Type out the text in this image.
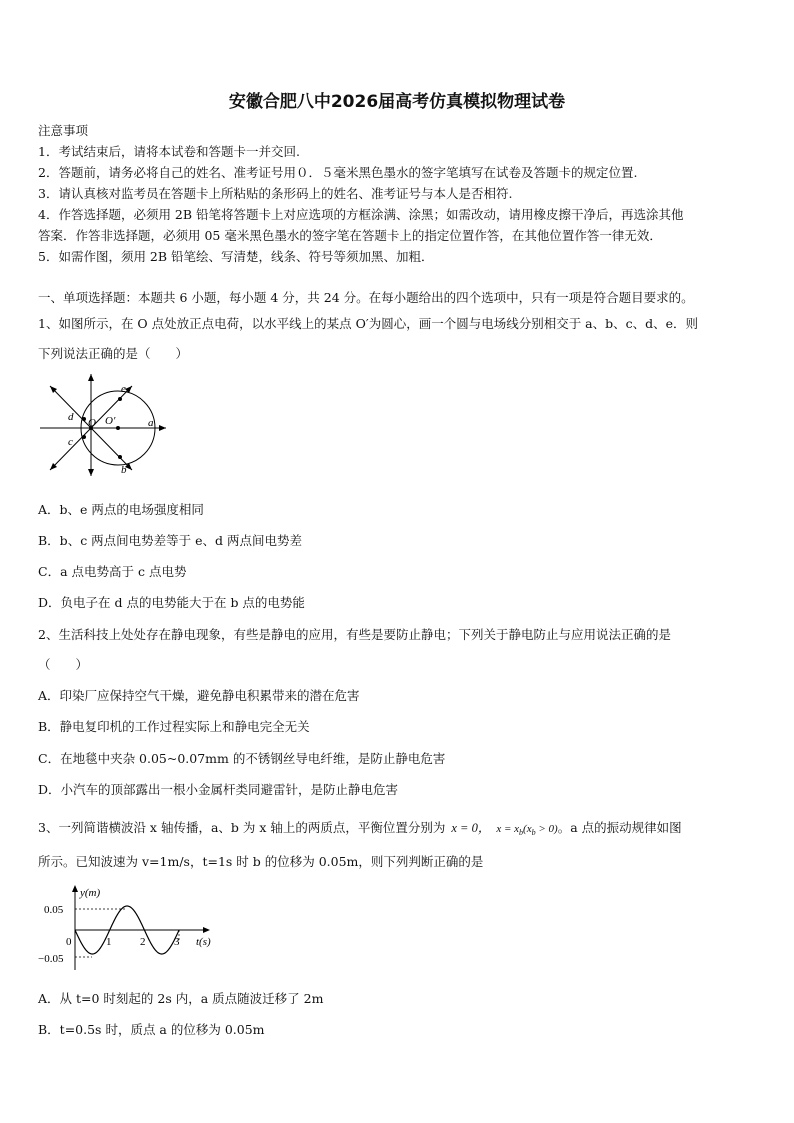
安徽合肥八中2026届高考仿真模拟物理试卷
注意事项
1．考试结束后，请将本试卷和答题卡一并交回.
2．答题前，请务必将自己的姓名、准考证号用０．５毫米黑色墨水的签字笔填写在试卷及答题卡的规定位置.
3．请认真核对监考员在答题卡上所粘贴的条形码上的姓名、准考证号与本人是否相符.
4．作答选择题，必须用 2B 铅笔将答题卡上对应选项的方框涂满、涂黑；如需改动，请用橡皮擦干净后，再选涂其他
答案．作答非选择题，必须用 05 毫米黑色墨水的签字笔在答题卡上的指定位置作答，在其他位置作答一律无效．
5．如需作图，须用 2B 铅笔绘、写清楚，线条、符号等须加黑、加粗．
一、单项选择题：本题共 6 小题，每小题 4 分，共 24 分。在每小题给出的四个选项中，只有一项是符合题目要求的。
1、如图所示，在 O 点处放正点电荷，以水平线上的某点 O′为圆心，画一个圆与电场线分别相交于 a、b、c、d、e．则
下列说法正确的是（　　）
e
b
d
c
a
O O′
A．b、e 两点的电场强度相同
B．b、c 两点间电势差等于 e、d 两点间电势差
C．a 点电势高于 c 点电势
D．负电子在 d 点的电势能大于在 b 点的电势能
2、生活科技上处处存在静电现象，有些是静电的应用，有些是要防止静电；下列关于静电防止与应用说法正确的是
（　　）
A．印染厂应保持空气干燥，避免静电积累带来的潜在危害
B．静电复印机的工作过程实际上和静电完全无关
C．在地毯中夹杂 0.05~0.07mm 的不锈钢丝导电纤维，是防止静电危害
D．小汽车的顶部露出一根小金属杆类同避雷针，是防止静电危害
3、一列简谐横波沿 x 轴传播，a、b 为 x 轴上的两质点，平衡位置分别为 x = 0， $x = x_b(x_b > 0)$。a 点的振动规律如图
所示。已知波速为 v=1m/s，t=1s 时 b 的位移为 0.05m，则下列判断正确的是
y(m)
t(s)
0.05
−0.05
0	1	2	3
A．从 t=0 时刻起的 2s 内，a 质点随波迁移了 2m
B．t=0.5s 时，质点 a 的位移为 0.05m
